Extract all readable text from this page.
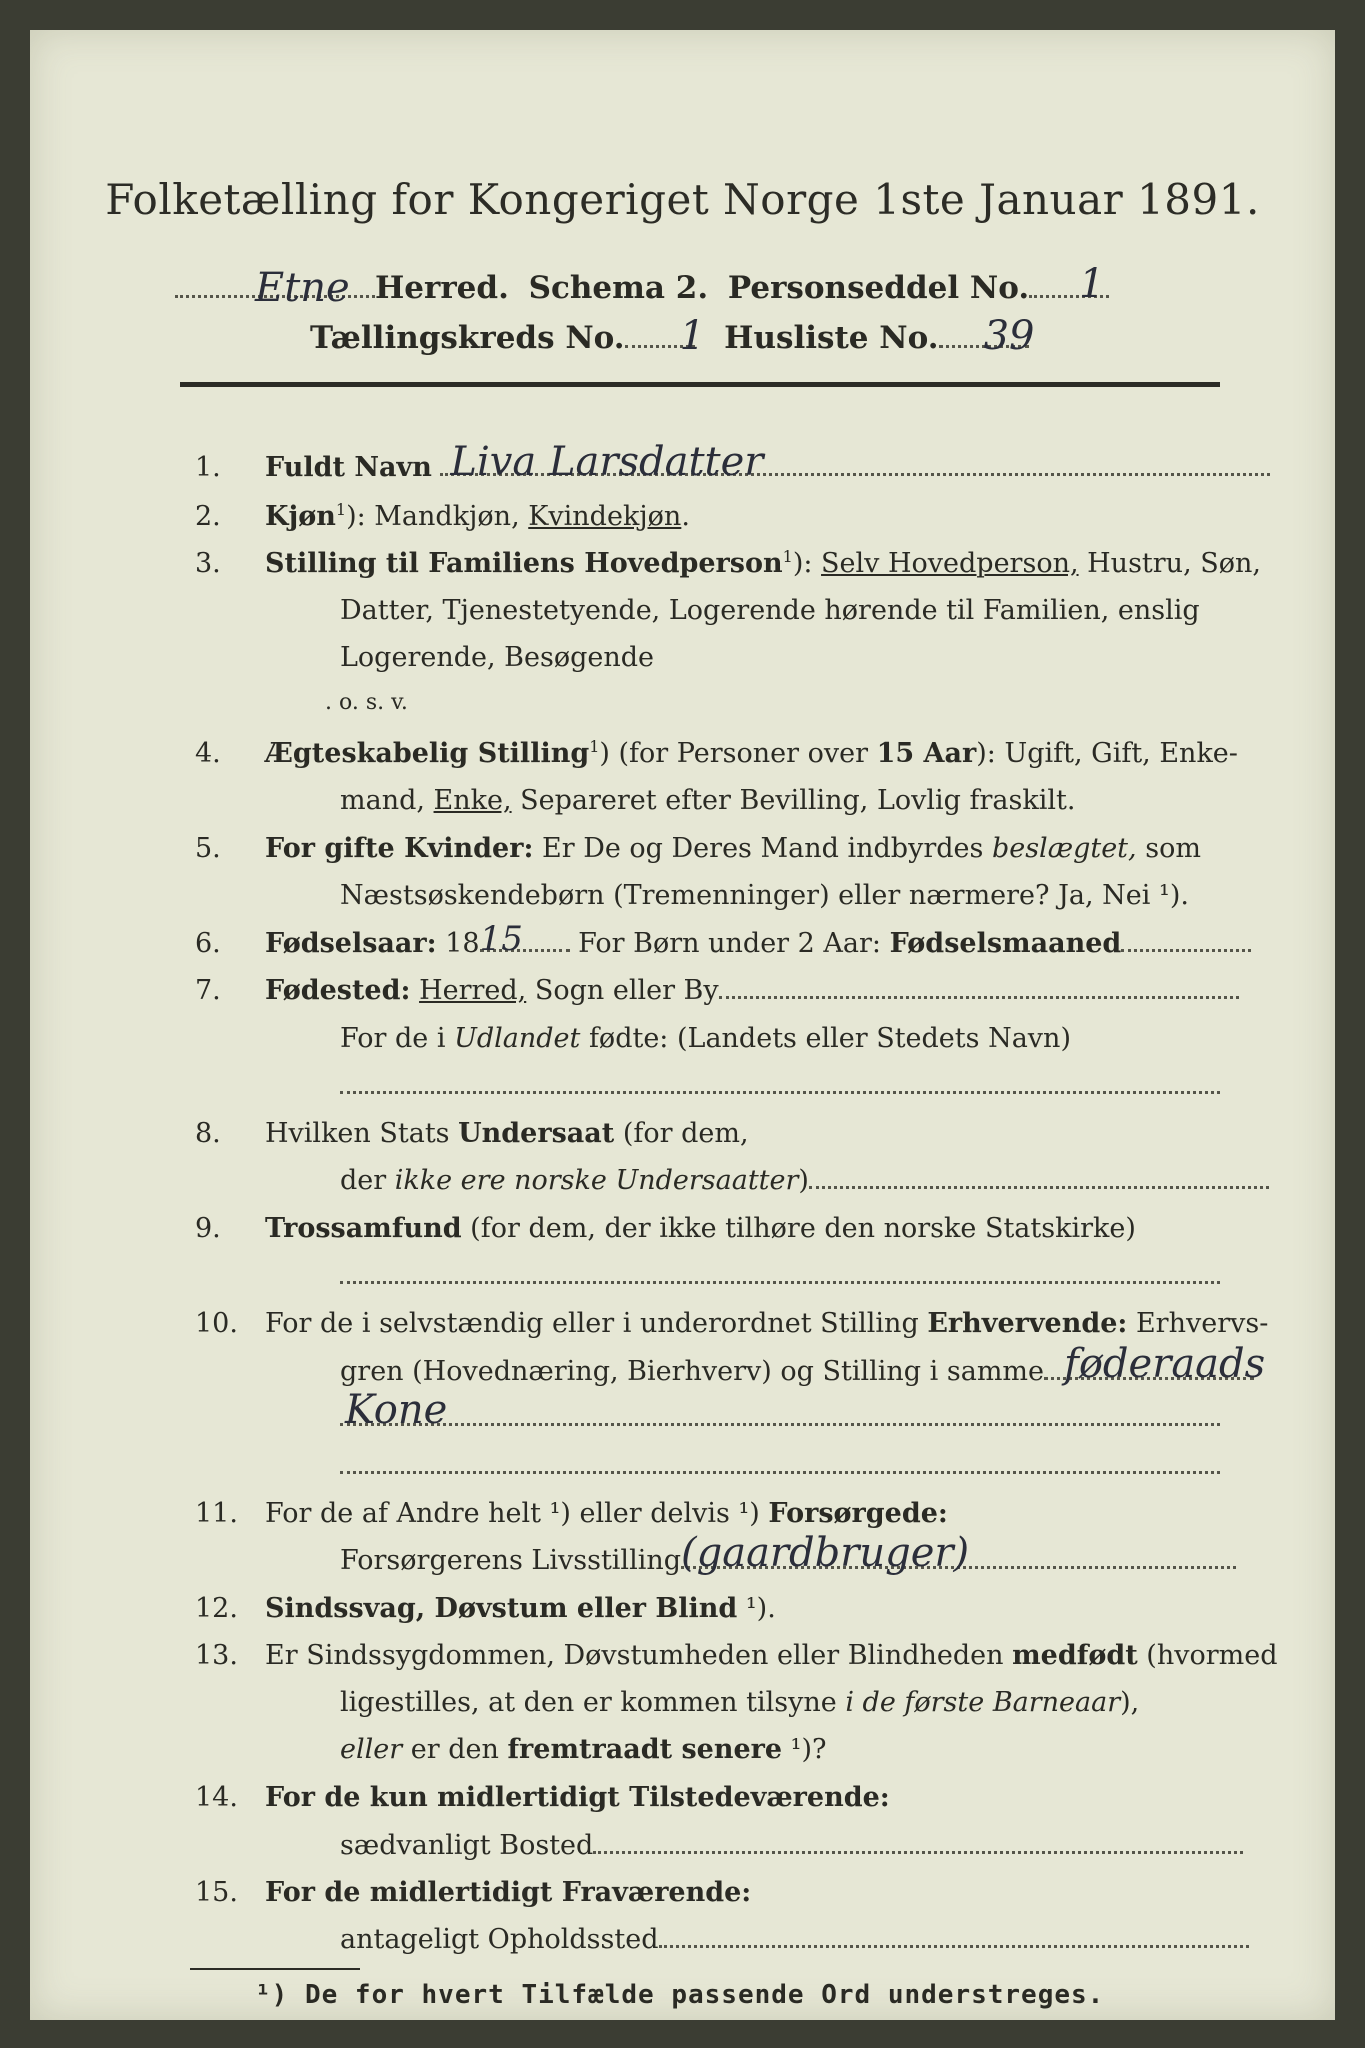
Folketælling for Kongeriget Norge 1ste Januar 1891.
Etne Herred. Schema 2. Personseddel No. 1
Tællingskreds No. 1 Husliste No. 39
1. Fuldt Navn Liva Larsdatter
2. Kjøn$^1$): Mandkjøn, Kvindekjøn.
3. Stilling til Familiens Hovedperson$^1$): Selv Hovedperson, Hustru, Søn,
Datter, Tjenestetyende, Logerende hørende til Familien, enslig
Logerende, Besøgende
. o. s. v.
4. Ægteskabelig Stilling$^1$) (for Personer over 15 Aar): Ugift, Gift, Enke-
mand, Enke, Separeret efter Bevilling, Lovlig fraskilt.
5. For gifte Kvinder: Er De og Deres Mand indbyrdes beslægtet, som
Næstsøskendebørn (Tremenninger) eller nærmere? Ja, Nei ¹).
6. Fødselsaar: 18 15 For Børn under 2 Aar: Fødselsmaaned
7. Fødested: Herred, Sogn eller By
For de i Udlandet fødte: (Landets eller Stedets Navn)
8. Hvilken Stats Undersaat (for dem,
der ikke ere norske Undersaatter)
9. Trossamfund (for dem, der ikke tilhøre den norske Statskirke)
10. For de i selvstændig eller i underordnet Stilling Erhvervende: Erhvervs-
gren (Hovednæring, Bierhverv) og Stilling i samme føderaads
Kone
11. For de af Andre helt ¹) eller delvis ¹) Forsørgede:
Forsørgerens Livsstilling (gaardbruger)
12. Sindssvag, Døvstum eller Blind ¹).
13. Er Sindssygdommen, Døvstumheden eller Blindheden medfødt (hvormed
ligestilles, at den er kommen tilsyne i de første Barneaar),
eller er den fremtraadt senere ¹)?
14. For de kun midlertidigt Tilstedeværende:
sædvanligt Bosted
15. For de midlertidigt Fraværende:
antageligt Opholdssted
¹) De for hvert Tilfælde passende Ord understreges.
